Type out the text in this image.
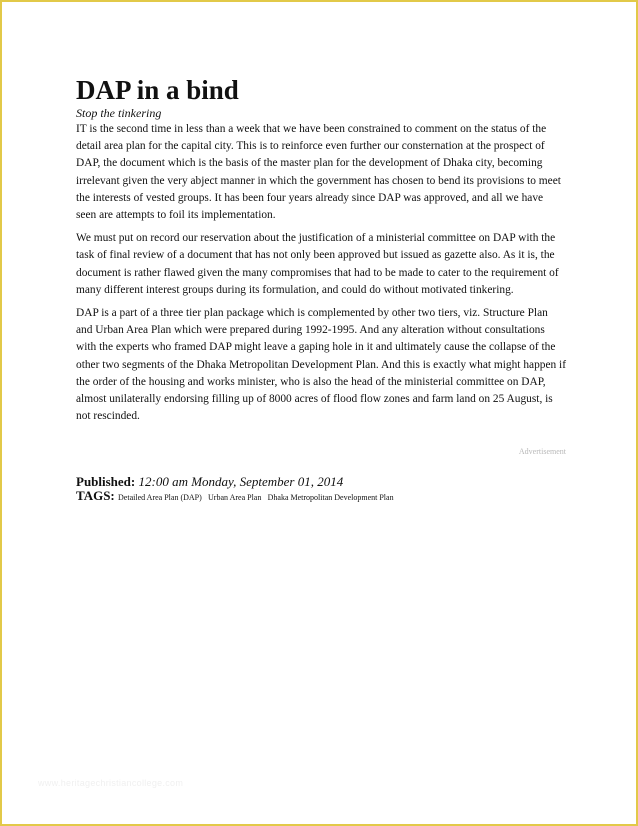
DAP in a bind
Stop the tinkering

IT is the second time in less than a week that we have been constrained to comment on the status of the detail area plan for the capital city. This is to reinforce even further our consternation at the prospect of DAP, the document which is the basis of the master plan for the development of Dhaka city, becoming irrelevant given the very abject manner in which the government has chosen to bend its provisions to meet the interests of vested groups. It has been four years already since DAP was approved, and all we have seen are attempts to foil its implementation.

We must put on record our reservation about the justification of a ministerial committee on DAP with the task of final review of a document that has not only been approved but issued as gazette also. As it is, the document is rather flawed given the many compromises that had to be made to cater to the requirement of many different interest groups during its formulation, and could do without motivated tinkering.

DAP is a part of a three tier plan package which is complemented by other two tiers, viz. Structure Plan and Urban Area Plan which were prepared during 1992-1995. And any alteration without consultations with the experts who framed DAP might leave a gaping hole in it and ultimately cause the collapse of the other two segments of the Dhaka Metropolitan Development Plan. And this is exactly what might happen if the order of the housing and works minister, who is also the head of the ministerial committee on DAP, almost unilaterally endorsing filling up of 8000 acres of flood flow zones and farm land on 25 August, is not rescinded.

Advertisement
Published: 12:00 am Monday, September 01, 2014
TAGS: Detailed Area Plan (DAP) Urban Area Plan Dhaka Metropolitan Development Plan
www.heritagechristiancollege.com
